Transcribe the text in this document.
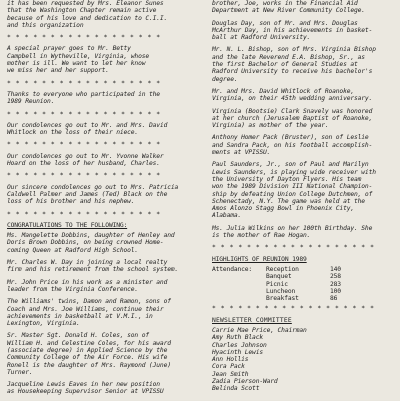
it has been requested by Mrs. Eleanor Sunes

that the Washington Chapter remain active

because of his love and dedication to C.I.I.

and this organization

* * * * * * * * * * * * * * * * * *

A special prayer goes to Mr. Betty

Campbell in Wytheville, Virginia, whose

mother is ill. We want to let her know

we miss her and her support.

* * * * * * * * * * * * * * * * * *

Thanks to everyone who participated in the

1989 Reunion.

* * * * * * * * * * * * * * * * * *

Our condolences go out to Mr. and Mrs. David

Whitlock on the loss of their niece.

* * * * * * * * * * * * * * * * * *

Our condolences go out to Mr. Yvonne Walker

Hoard on the loss of her husband, Charles.

* * * * * * * * * * * * * * * * * *

Our sincere condolences go out to Mrs. Patricia

Caldwell Palmer and James (Ted) Black on the

loss of his brother and his nephew.

* * * * * * * * * * * * * * * * * *
CONGRATULATIONS TO THE FOLLOWING:

Ms. Mangelette Dobbins, daughter of Henley and

Doris Brown Dobbins, on being crowned Home-

coming Queen at Radford High School.

Mr. Charles W. Day in joining a local realty

firm and his retirement from the school system.

Mr. John Price in his work as a minister and

leader from the Virginia Conference.

The Williams' twins, Damon and Ramon, sons of

Coach and Mrs. Joe Williams, continue their

achievements in basketball at V.M.I., in

Lexington, Virginia.

Sr. Master Sgt. Donald H. Coles, son of

William H. and Celestine Coles, for his award

(associate degree) in Applied Science by the

Community College of the Air Force. His wife

Ronell is the daughter of Mrs. Raymond (June)

Turner.

Jacqueline Lewis Eaves in her new position

as Housekeeping Supervisor Senior at VPISSU

brother, Joe, works in the Financial Aid

Department at New River Community College.

Douglas Day, son of Mr. and Mrs. Douglas

McArthur Day, in his achievements in basket-

ball at Radford University.

Mr. N. L. Bishop, son of Mrs. Virginia Bishop

and the late Reverend E.A. Bishop, Sr., as

the first Bachelor of General Studies at

Radford University to receive his bachelor's

degree.

Mr. and Mrs. David Whitlock of Roanoke,

Virginia, on their 45th wedding anniversary.

Virginia (Bootsie) Clark Snavely was honored

at her church (Jerusalem Baptist of Roanoke,

Virginia) as mother of the year.

Anthony Homer Pack (Bruster), son of Leslie

and Sandra Pack, on his football accomplish-

ments at VPISSU.

Paul Saunders, Jr., son of Paul and Marilyn

Lewis Saunders, is playing wide receiver with

the University of Dayton Flyers. His team

won the 1989 Division III National Champion-

ship by defeating Union College Dutchmen, of

Schenectady, N.Y. The game was held at the

Amos Alonzo Stagg Bowl in Phoenix City,

Alabama.

Ms. Julia Wilkins on her 100th Birthday. She

is the mother of Rae Hogan.

* * * * * * * * * * * * * * * * * * *
HIGHLIGHTS OF REUNION 1989
Attendance:	Reception	140
Banquet	258
Picnic	283
Luncheon	100
Breakfast	86
* * * * * * * * * * * * * * * * * * *
NEWSLETTER COMMITTEE

Carrie Mae Price, Chairman

Amy Ruth Black

Charles Johnson

Hyacinth Lewis

Ann Hollis

Cora Pack

Jean Smith

Zadia Pierson-Ward

Belinda Scott
